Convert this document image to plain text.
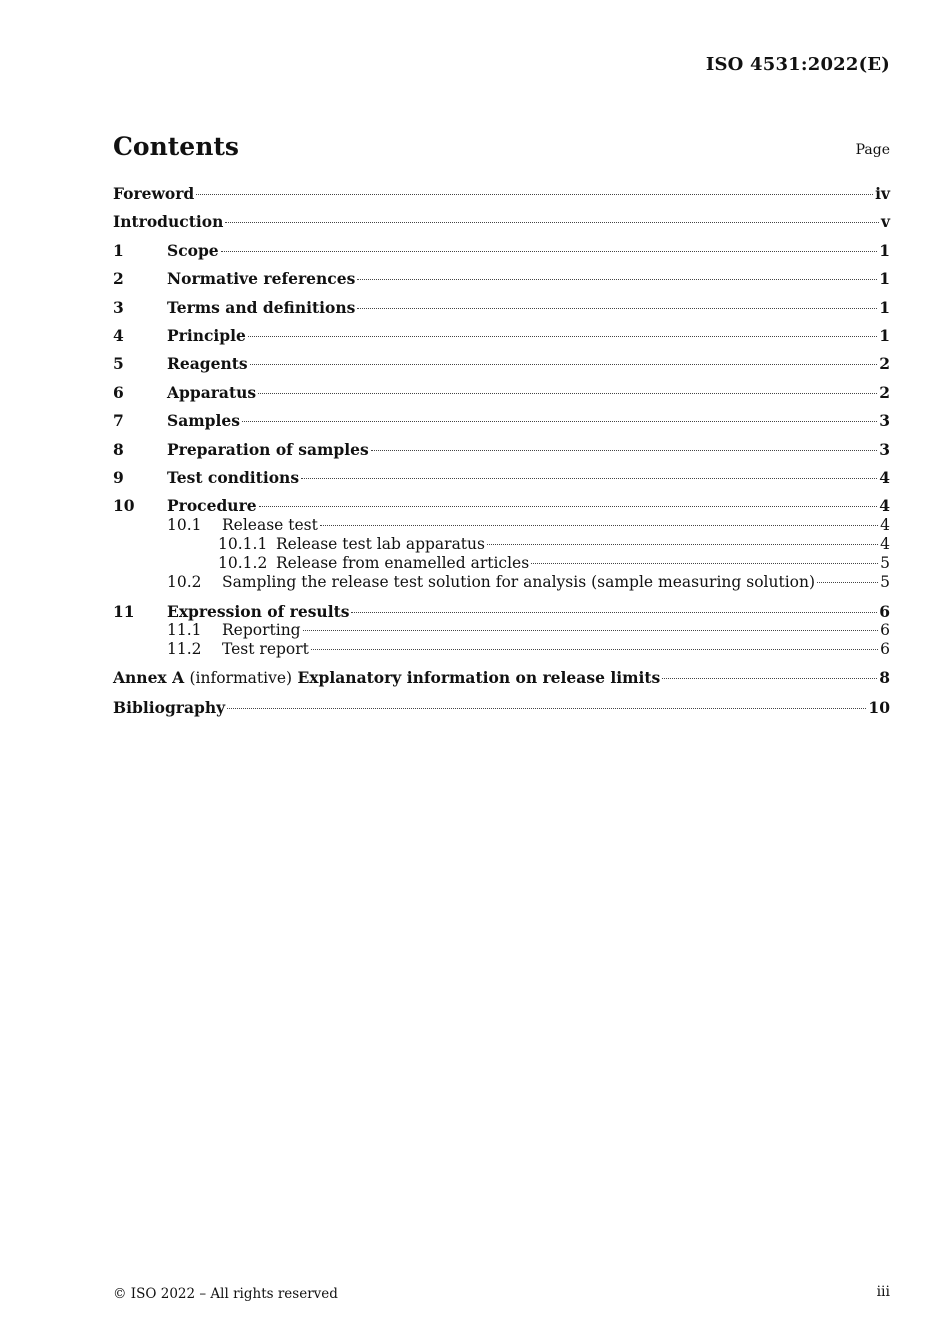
ISO 4531:2022(E)
Contents	Page
Foreword	iv
Introduction	v
1	Scope	1
2	Normative references	1
3	Terms and definitions	1
4	Principle	1
5	Reagents	2
6	Apparatus	2
7	Samples	3
8	Preparation of samples	3
9	Test conditions	4
10	Procedure	4
10.1	Release test	4
10.1.1 Release test lab apparatus	4
10.1.2 Release from enamelled articles	5
10.2	Sampling the release test solution for analysis (sample measuring solution)	5
11	Expression of results	6
11.1	Reporting	6
11.2	Test report	6
Annex A (informative) Explanatory information on release limits	8
Bibliography	10
© ISO 2022 – All rights reserved	iii
